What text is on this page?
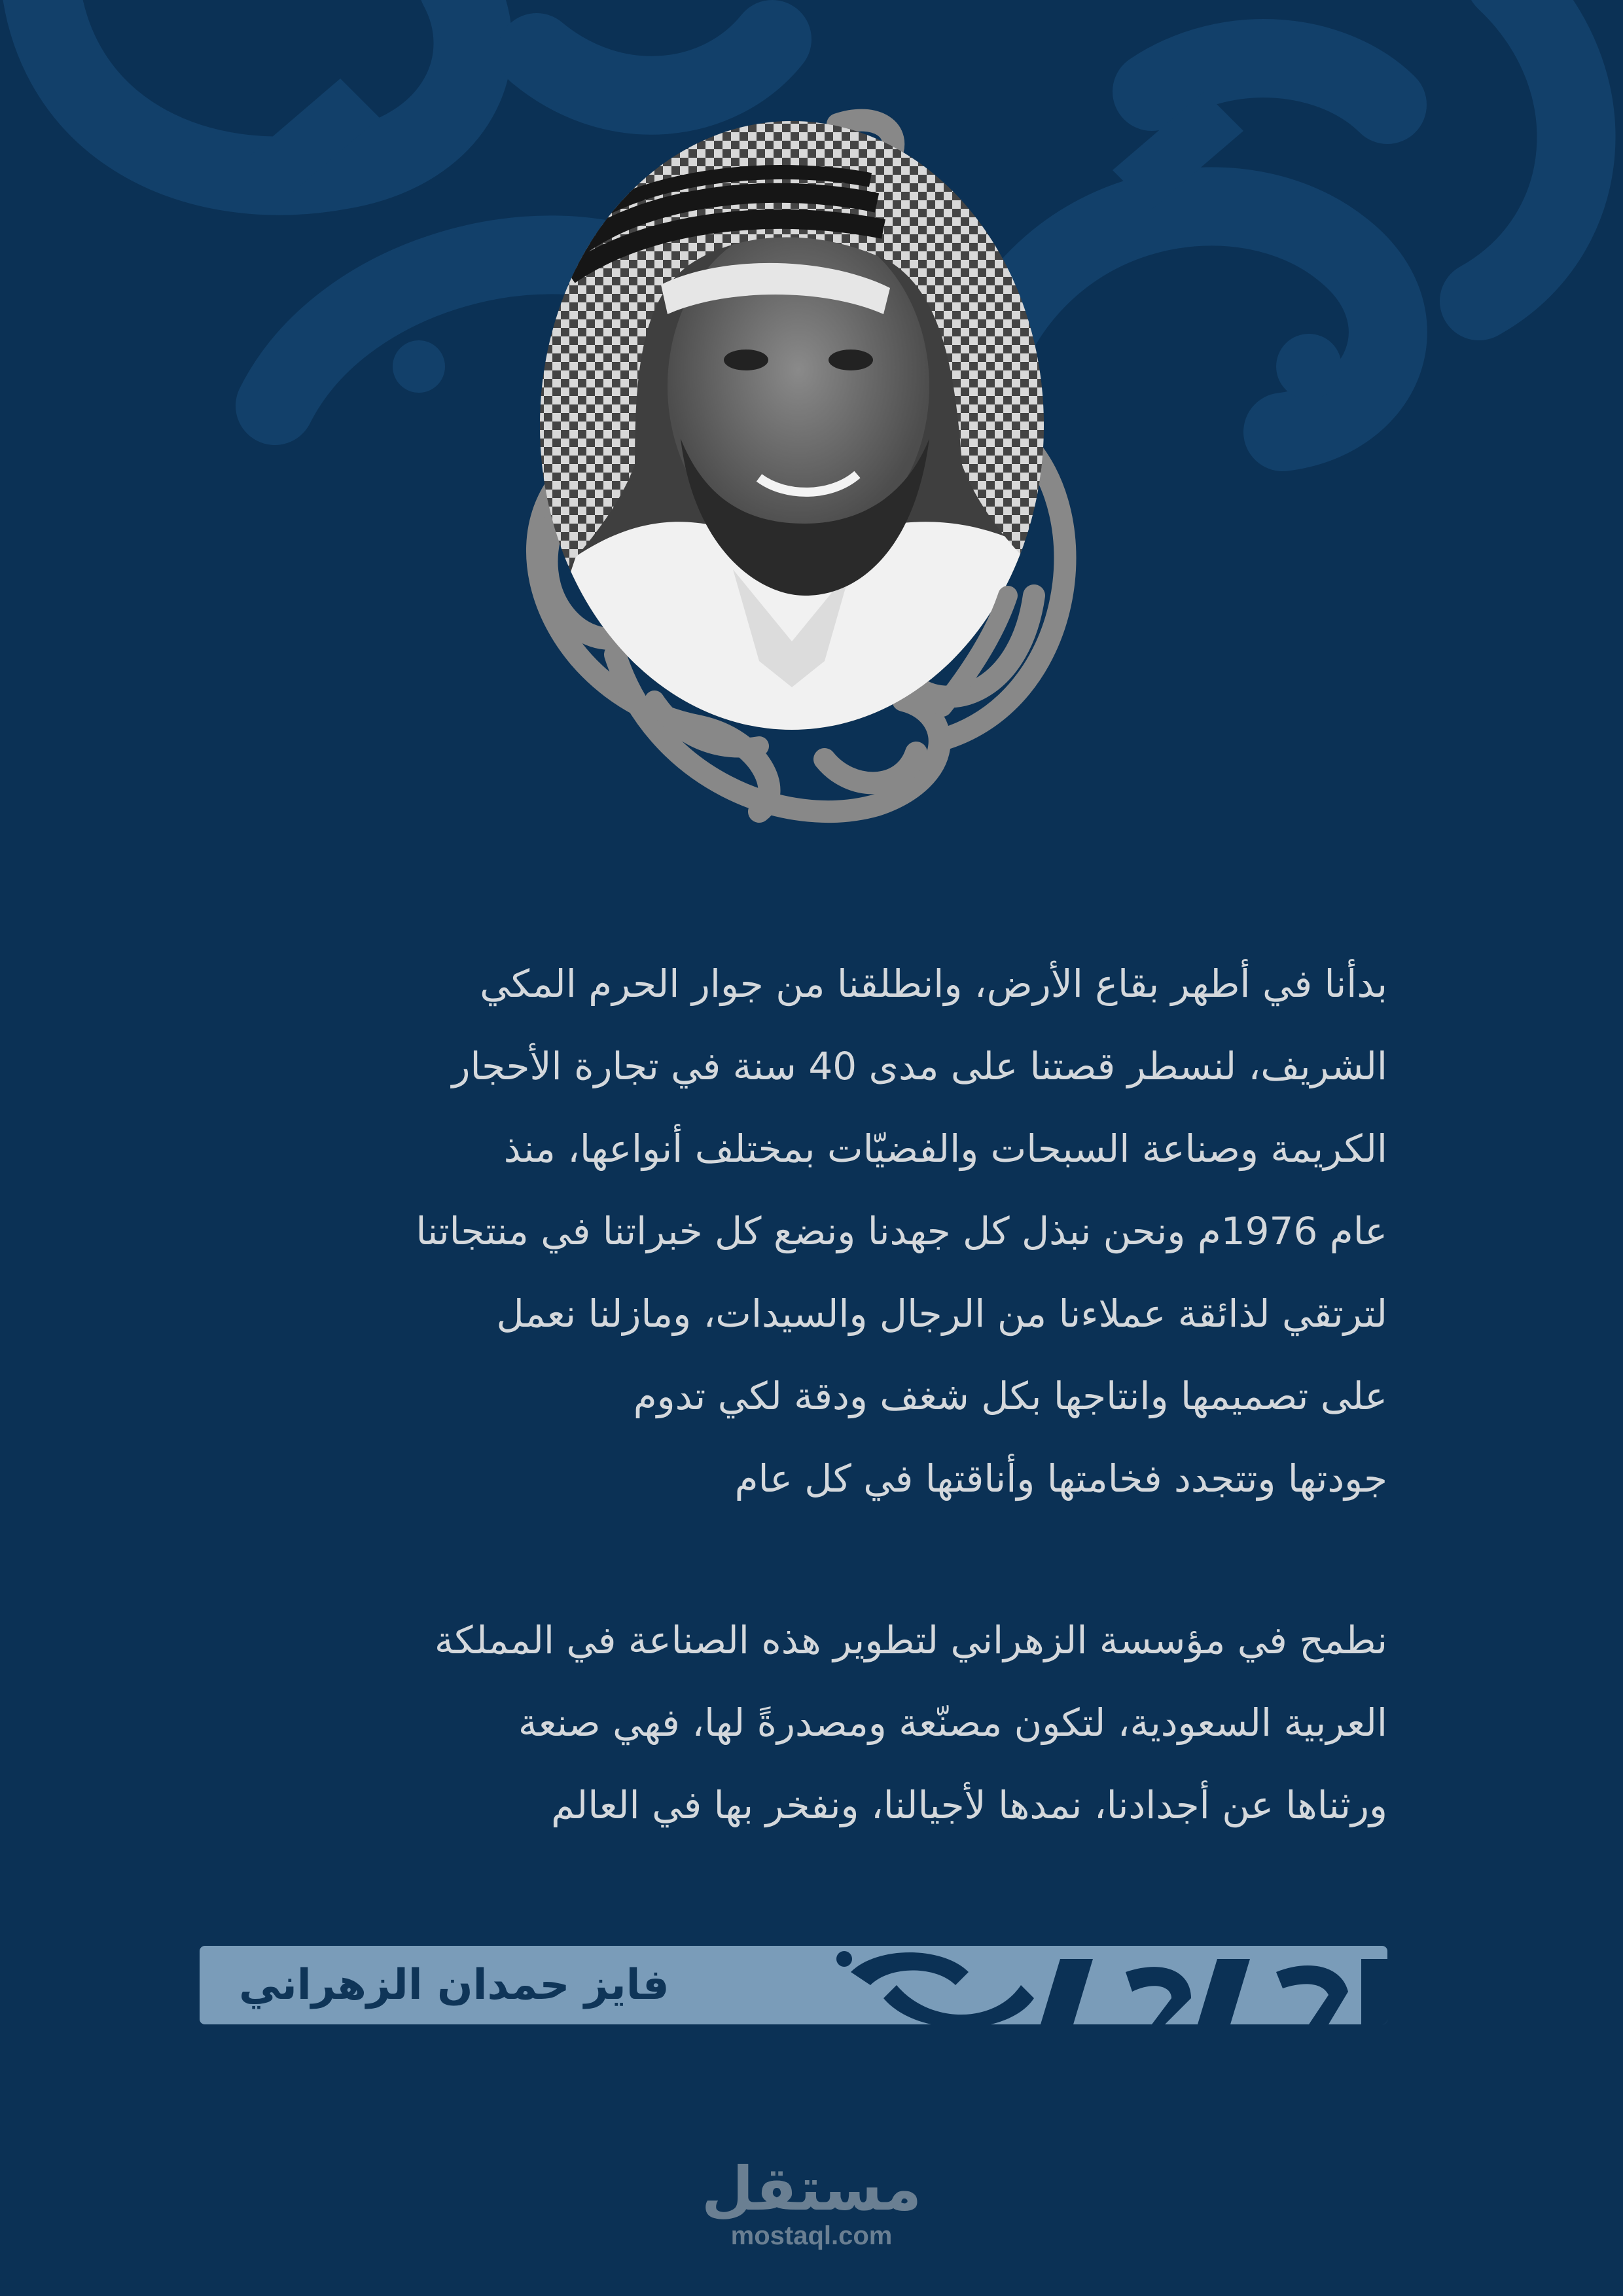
بدأنا في أطهر بقاع الأرض، وانطلقنا من جوار الحرم المكي
الشريف، لنسطر قصتنا على مدى 40 سنة في تجارة الأحجار
الكريمة وصناعة السبحات والفضيّات بمختلف أنواعها، منذ
عام 1976م ونحن نبذل كل جهدنا ونضع كل خبراتنا في منتجاتنا
لترتقي لذائقة عملاءنا من الرجال والسيدات، ومازلنا نعمل
على تصميمها وانتاجها بكل شغف ودقة لكي تدوم
جودتها وتتجدد فخامتها وأناقتها في كل عام
نطمح في مؤسسة الزهراني لتطوير هذه الصناعة في المملكة
العربية السعودية، لتكون مصنّعة ومصدرةً لها، فهي صنعة
ورثناها عن أجدادنا، نمدها لأجيالنا، ونفخر بها في العالم
فايز حمدان الزهراني
مستقل
mostaql.com
